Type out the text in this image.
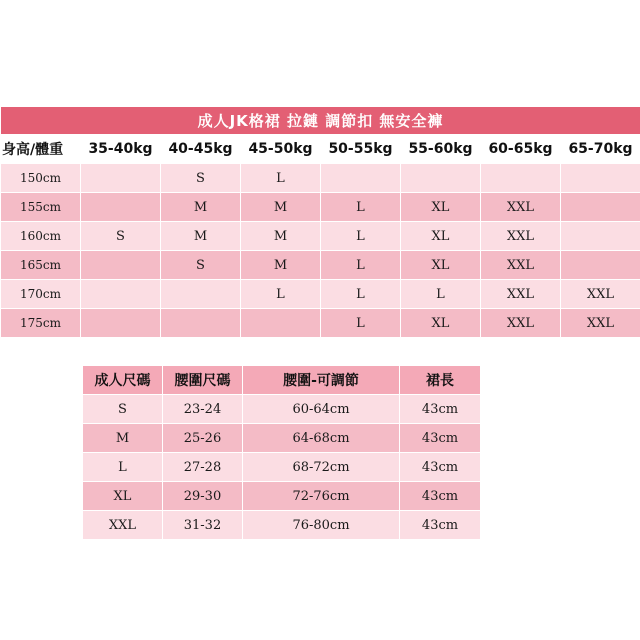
成人JK格裙 拉鏈 調節扣 無安全褲							
身高/體重	35-40kg	40-45kg	45-50kg	50-55kg	55-60kg	60-65kg	65-70kg
150cm		S	L				
155cm		M	M	L	XL	XXL	
160cm	S	M	M	L	XL	XXL	
165cm		S	M	L	XL	XXL	
170cm			L	L	L	XXL	XXL
175cm				L	XL	XXL	XXL
成人尺碼	腰圍尺碼	腰圍-可調節	裙長
S	23-24	60-64cm	43cm
M	25-26	64-68cm	43cm
L	27-28	68-72cm	43cm
XL	29-30	72-76cm	43cm
XXL	31-32	76-80cm	43cm
